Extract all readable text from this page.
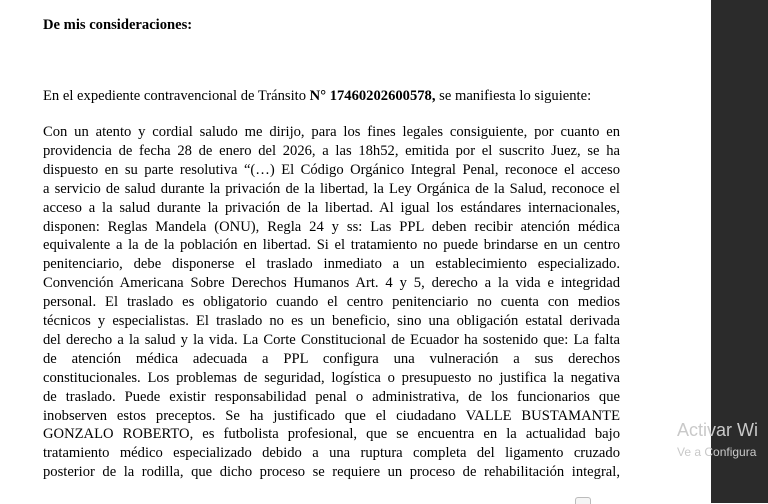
De mis consideraciones:

En el expediente contravencional de Tránsito N° 17460202600578, se manifiesta lo siguiente:

Con un atento y cordial saludo me dirijo, para los fines legales consiguiente, por cuanto en

providencia de fecha 28 de enero del 2026, a las 18h52, emitida por el suscrito Juez, se ha

dispuesto en su parte resolutiva “(…) El Código Orgánico Integral Penal, reconoce el acceso

a servicio de salud durante la privación de la libertad, la Ley Orgánica de la Salud, reconoce el

acceso a la salud durante la privación de la libertad. Al igual los estándares internacionales,

disponen: Reglas Mandela (ONU), Regla 24 y ss: Las PPL deben recibir atención médica

equivalente a la de la población en libertad. Si el tratamiento no puede brindarse en un centro

penitenciario, debe disponerse el traslado inmediato a un establecimiento especializado.

Convención Americana Sobre Derechos Humanos Art. 4 y 5, derecho a la vida e integridad

personal. El traslado es obligatorio cuando el centro penitenciario no cuenta con medios

técnicos y especialistas. El traslado no es un beneficio, sino una obligación estatal derivada

del derecho a la salud y la vida. La Corte Constitucional de Ecuador ha sostenido que: La falta

de atención médica adecuada a PPL configura una vulneración a sus derechos

constitucionales. Los problemas de seguridad, logística o presupuesto no justifica la negativa

de traslado. Puede existir responsabilidad penal o administrativa, de los funcionarios que

inobserven estos preceptos. Se ha justificado que el ciudadano VALLE BUSTAMANTE

GONZALO ROBERTO, es futbolista profesional, que se encuentra en la actualidad bajo

tratamiento médico especializado debido a una ruptura completa del ligamento cruzado

posterior de la rodilla, que dicho proceso se requiere un proceso de rehabilitación integral,

Activar Wi
Ve a Configura
